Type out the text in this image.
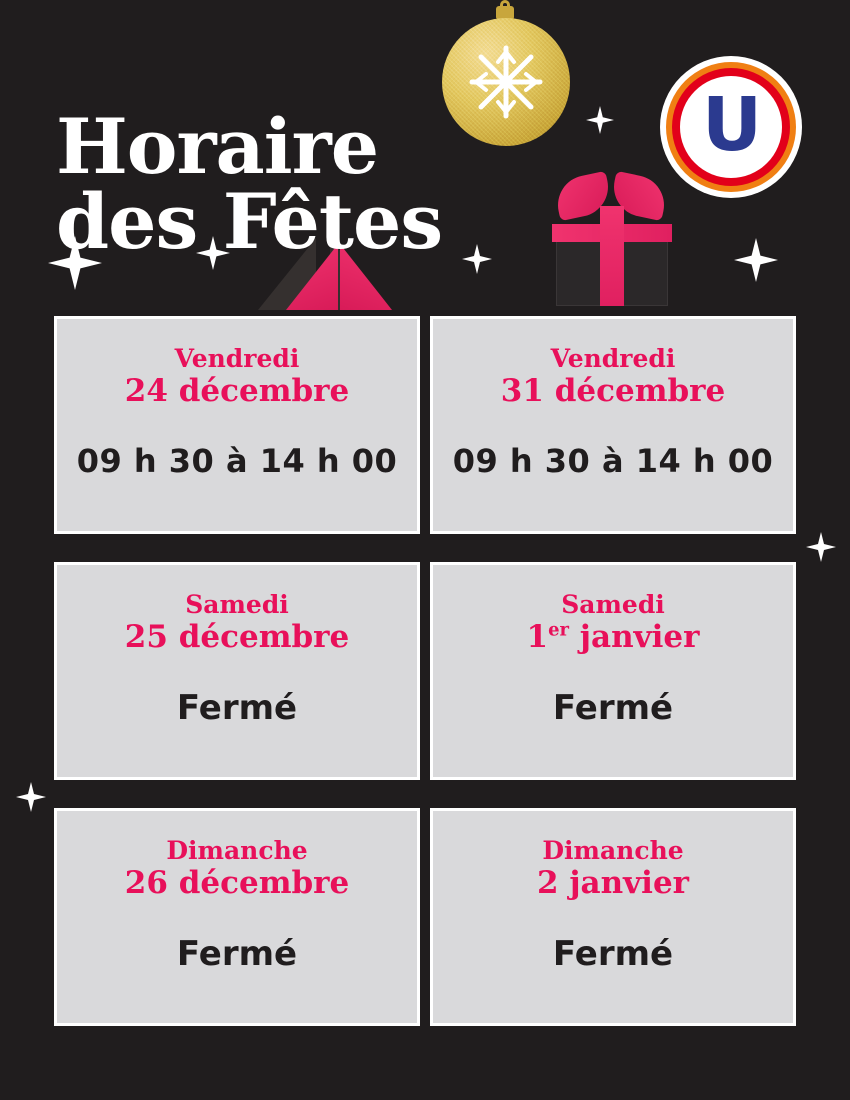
Horaire

des Fêtes

U
Vendredi
24 décembre
09 h 30 à 14 h 00
Vendredi
31 décembre
09 h 30 à 14 h 00
Samedi
25 décembre
Fermé
Samedi
1er janvier
Fermé
Dimanche
26 décembre
Fermé
Dimanche
2 janvier
Fermé
